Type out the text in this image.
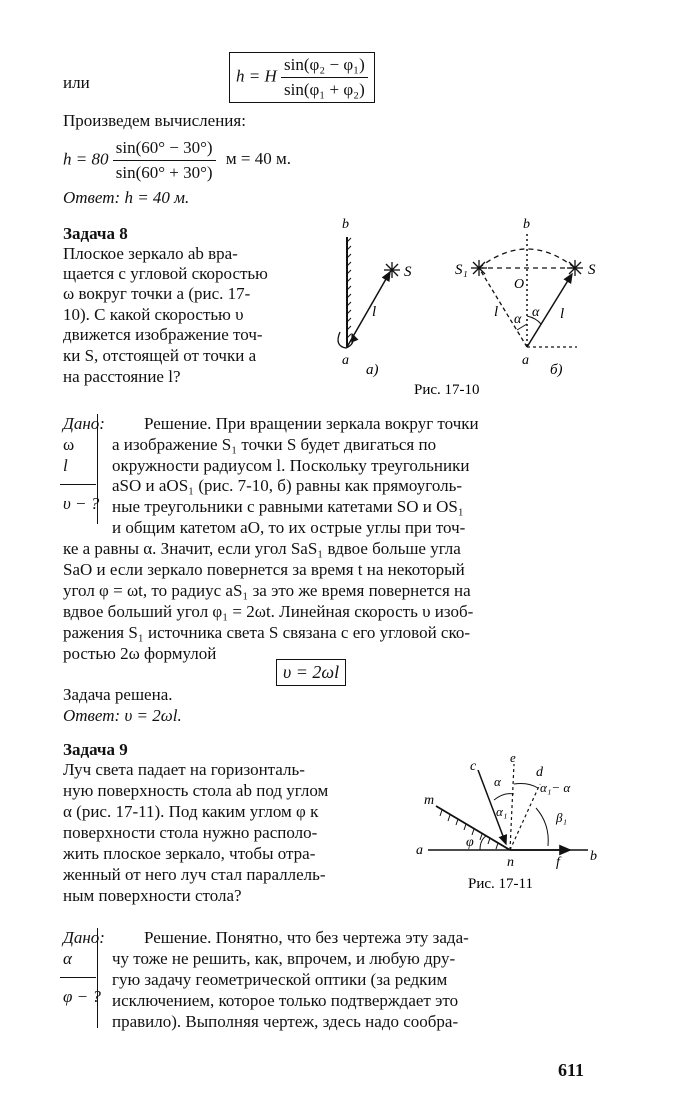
или	h = H $\frac{\text{sin(φ₂ − φ₁)}}{\text{sin(φ₁ + φ₂)}}$
Произведем вычисления:
$h = 80 \frac{\sin(60^\circ - 30^\circ)}{\sin(60^\circ + 30^\circ)}$ м = 40 м.
Ответ: h = 40 м.
Задача 8
Плоское зеркало ab вра-
щается с угловой скоростью
ω вокруг точки a (рис. 17-
10). С какой скоростью υ
движется изображение точ-
ки S, отстоящей от точки a
на расстояние l?
b
S
l
a
а)
b
S₁	S
O
l α α l
a
б)
Рис. 17-10
Дано:
ω
l
υ − ?
Решение. При вращении зеркала вокруг точки
a изображение S₁ точки S будет двигаться по
окружности радиусом l. Поскольку треугольники
aSO и aOS₁ (рис. 7-10, б) равны как прямоуголь-
ные треугольники с равными катетами SO и OS₁
и общим катетом aO, то их острые углы при точ-
ке a равны α. Значит, если угол SaS₁ вдвое больше угла
SaO и если зеркало повернется за время t на некоторый
угол φ = ωt, то радиус aS₁ за это же время повернется на
вдвое больший угол φ₁ = 2ωt. Линейная скорость υ изоб-
ражения S₁ источника света S связана с его угловой ско-
ростью 2ω формулой
υ = 2ωl
Задача решена.
Ответ: υ = 2ωl.
Задача 9
Луч света падает на горизонталь-
ную поверхность стола ab под углом
α (рис. 17-11). Под каким углом φ к
поверхности стола нужно располо-
жить плоское зеркало, чтобы отра-
женный от него луч стал параллель-
ным поверхности стола?
c
e
α
d
α₁
α₁− α
β₁
m
φ
a
n	f b
Рис. 17-11
Дано:
α
φ − ?
Решение. Понятно, что без чертежа эту зада-
чу тоже не решить, как, впрочем, и любую дру-
гую задачу геометрической оптики (за редким
исключением, которое только подтверждает это
правило). Выполняя чертеж, здесь надо сообра-
611
